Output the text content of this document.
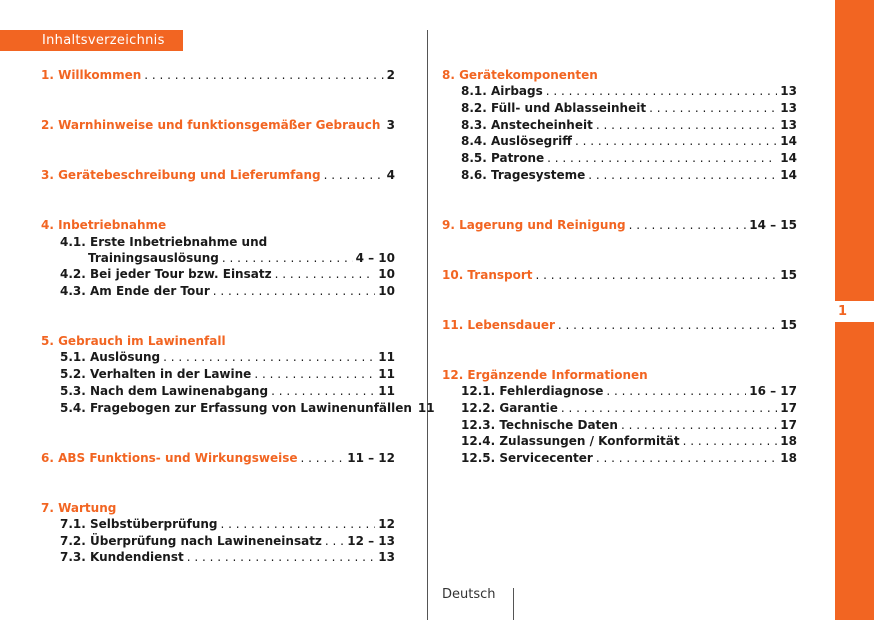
Inhaltsverzeichnis
1. Willkommen . . .	2
2. Warnhinweise und funktionsgemäßer Gebrauch . . . 3
3. Gerätebeschreibung und Lieferumfang . . .	4
4. Inbetriebnahme
4.1. Erste Inbetriebnahme und
Trainingsauslösung . . .	4 – 10
4.2. Bei jeder Tour bzw. Einsatz . . .	10
4.3. Am Ende der Tour . . .	10
5. Gebrauch im Lawinenfall
5.1. Auslösung . . .	11
5.2. Verhalten in der Lawine . . .	11
5.3. Nach dem Lawinenabgang . . .	11
5.4. Fragebogen zur Erfassung von Lawinenunfällen 11
6. ABS Funktions- und Wirkungsweise . . .	11 – 12
7. Wartung
7.1. Selbstüberprüfung . . .	12
7.2. Überprüfung nach Lawineneinsatz . . . 12 – 13
7.3. Kundendienst . . .	13
8. Gerätekomponenten
8.1. Airbags . . .	13
8.2. Füll- und Ablasseinheit . . .	13
8.3. Anstecheinheit . . .	13
8.4. Auslösegriff . . .	14
8.5. Patrone . . .	14
8.6. Tragesysteme . . .	14
9. Lagerung und Reinigung . . .	14 – 15
10. Transport . . .	15
11. Lebensdauer . . .	15
12. Ergänzende Informationen
12.1. Fehlerdiagnose . . .	16 – 17
12.2. Garantie . . .	17
12.3. Technische Daten . . .	17
12.4. Zulassungen / Konformität . . .	18
12.5. Servicecenter . . .	18
Deutsch
1
